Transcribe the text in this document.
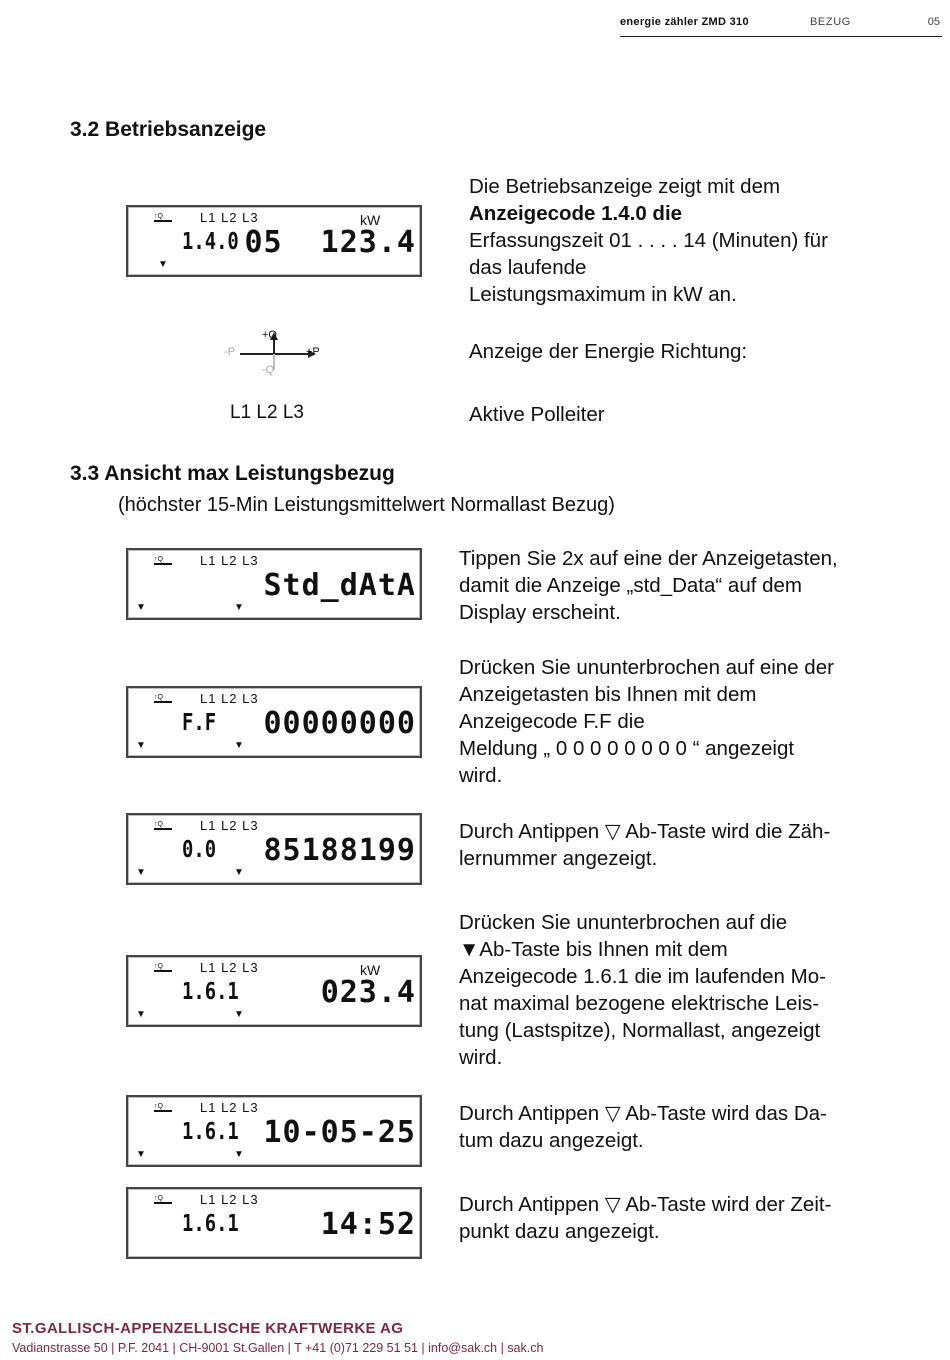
energie zähler ZMD 310	BEZUG	05
3.2 Betriebsanzeige
↑Q	L1 L2 L3	kW
1.4.0 05  123.4
▼
Die Betriebsanzeige zeigt mit dem
Anzeigecode 1.4.0 die
Erfassungszeit 01 . . . . 14 (Minuten) für
das laufende
Leistungsmaximum in kW an.
+Q
-Q
+P
-P	Anzeige der Energie Richtung:
L1 L2 L3	Aktive Polleiter
3.3 Ansicht max Leistungsbezug
(höchster 15-Min Leistungsmittelwert Normallast Bezug)
↑Q	L1 L2 L3
Std_dAtA
▼	▼
↑Q	L1 L2 L3
F.F 00000000
▼	▼
↑Q	L1 L2 L3
0.0 85188199
▼	▼
↑Q	L1 L2 L3	kW
1.6.1	023.4
▼	▼
↑Q	L1 L2 L3
1.6.1 10-05-25
▼	▼
↑Q	L1 L2 L3
1.6.1	14:52
Tippen Sie 2x auf eine der Anzeigetasten,
damit die Anzeige „std_Data“ auf dem
Display erscheint.
Drücken Sie ununterbrochen auf eine der
Anzeigetasten bis Ihnen mit dem
Anzeigecode F.F die
Meldung „ 0 0 0 0 0 0 0 0 “ angezeigt
wird.
Durch Antippen ▽ Ab-Taste wird die Zäh-
lernummer angezeigt.
Drücken Sie ununterbrochen auf die
▼Ab-Taste bis Ihnen mit dem
Anzeigecode 1.6.1 die im laufenden Mo-
nat maximal bezogene elektrische Leis-
tung (Lastspitze), Normallast, angezeigt
wird.
Durch Antippen ▽ Ab-Taste wird das Da-
tum dazu angezeigt.
Durch Antippen ▽ Ab-Taste wird der Zeit-
punkt dazu angezeigt.
ST.GALLISCH-APPENZELLISCHE KRAFTWERKE AG
Vadianstrasse 50 | P.F. 2041 | CH-9001 St.Gallen | T +41 (0)71 229 51 51 | info@sak.ch | sak.ch
